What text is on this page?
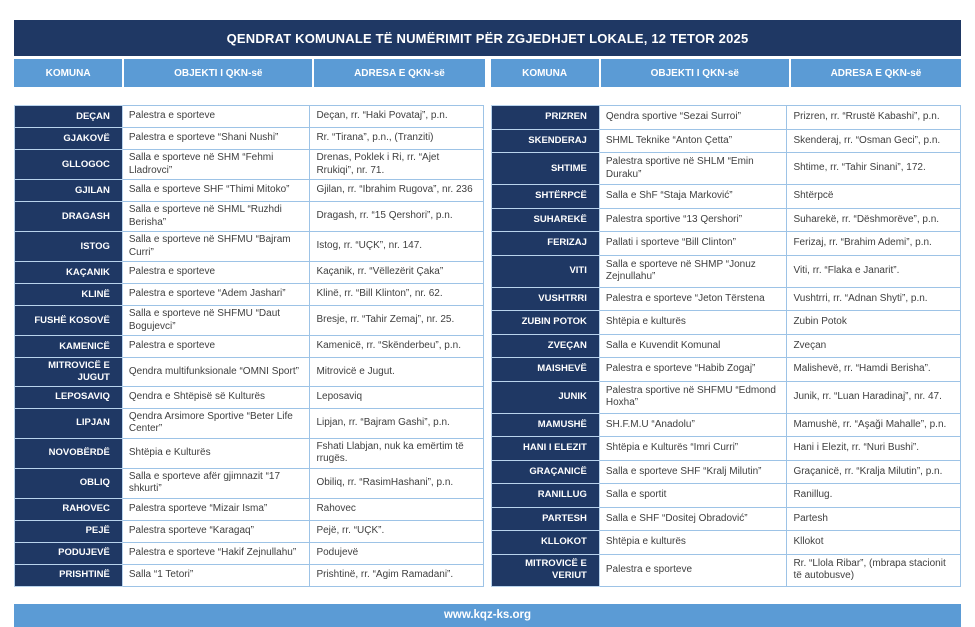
QENDRAT KOMUNALE TË NUMËRIMIT PËR ZGJEDHJET LOKALE, 12 TETOR 2025
KOMUNA	OBJEKTI I QKN-së	ADRESA E QKN-së	KOMUNA	OBJEKTI I QKN-së	ADRESA E QKN-së
DEÇAN	Palestra e sporteve	Deçan, rr. “Haki Povataj”, p.n.
GJAKOVË	Palestra e sporteve “Shani Nushi”	Rr. “Tirana”, p.n., (Tranziti)
GLLOGOC	Salla e sporteve në SHM “Fehmi Lladrovci”	Drenas, Poklek i Ri, rr. “Ajet Rrukiqi”, nr. 71.
GJILAN	Salla e sporteve SHF “Thimi Mitoko”	Gjilan, rr. “Ibrahim Rugova”, nr. 236
DRAGASH	Salla e sporteve në SHML “Ruzhdi Berisha”	Dragash, rr. “15 Qershori”, p.n.
ISTOG	Salla e sporteve në SHFMU “Bajram Curri”	Istog, rr. “UÇK”, nr. 147.
KAÇANIK	Palestra e sporteve	Kaçanik, rr. “Vëllezërit Çaka”
KLINË	Palestra e sporteve “Adem Jashari”	Klinë, rr. “Bill Klinton”, nr. 62.
FUSHË KOSOVË	Salla e sporteve në SHFMU “Daut Bogujevci”	Bresje, rr. “Tahir Zemaj”, nr. 25.
KAMENICË	Palestra e sporteve	Kamenicë, rr. “Skënderbeu”, p.n.
MITROVICË E JUGUT	Qendra multifunksionale “OMNI Sport”	Mitrovicë e Jugut.
LEPOSAVIQ	Qendra e Shtëpisë së Kulturës	Leposaviq
LIPJAN	Qendra Arsimore Sportive “Beter Life Center”	Lipjan, rr. “Bajram Gashi”, p.n.
NOVOBËRDË	Shtëpia e Kulturës	Fshati Llabjan, nuk ka emërtim të rrugës.
OBLIQ	Salla e sporteve afër gjimnazit “17 shkurti”	Obiliq, rr. “RasimHashani”, p.n.
RAHOVEC	Palestra sporteve “Mizair Isma”	Rahovec
PEJË	Palestra sporteve “Karagaq”	Pejë, rr. “UÇK”.
PODUJEVË	Palestra e sporteve “Hakif Zejnullahu”	Podujevë
PRISHTINË	Salla “1 Tetori”	Prishtinë, rr. “Agim Ramadani”.
PRIZREN	Qendra sportive “Sezai Surroi”	Prizren, rr. “Rrustë Kabashi”, p.n.
SKENDERAJ	SHML Teknike “Anton Çetta”	Skenderaj, rr. “Osman Geci”, p.n.
SHTIME	Palestra sportive në SHLM “Emin Duraku”	Shtime, rr. “Tahir Sinani”, 172.
SHTËRPCË	Salla e ShF “Staja Marković”	Shtërpcë
SUHAREKË	Palestra sportive “13 Qershori”	Suharekë, rr. “Dëshmorëve”, p.n.
FERIZAJ	Pallati i sporteve “Bill Clinton”	Ferizaj, rr. “Brahim Ademi”, p.n.
VITI	Salla e sporteve në SHMP “Jonuz Zejnullahu”	Viti, rr. “Flaka e Janarit”.
VUSHTRRI	Palestra e sporteve “Jeton Tërstena	Vushtrri, rr. “Adnan Shyti”, p.n.
ZUBIN POTOK	Shtëpia e kulturës	Zubin Potok
ZVEÇAN	Salla e Kuvendit Komunal	Zveçan
MAISHEVË	Palestra e sporteve “Habib Zogaj”	Malishevë, rr. “Hamdi Berisha”.
JUNIK	Palestra sportive në SHFMU “Edmond Hoxha”	Junik, rr. “Luan Haradinaj”, nr. 47.
MAMUSHË	SH.F.M.U “Anadolu”	Mamushë, rr. “Aşaği Mahalle”, p.n.
HANI I ELEZIT	Shtëpia e Kulturës “Imri Curri”	Hani i Elezit, rr. “Nuri Bushi”.
GRAÇANICË	Salla e sporteve SHF “Kralj Milutin”	Graçanicë, rr. “Kralja Milutin”, p.n.
RANILLUG	Salla e sportit	Ranillug.
PARTESH	Salla e SHF “Dositej Obradović”	Partesh
KLLOKOT	Shtëpia e kulturës	Kllokot
MITROVICË E VERIUT	Palestra e sporteve	Rr. “Llola Ribar”, (mbrapa stacionit të autobusve)
www.kqz-ks.org
